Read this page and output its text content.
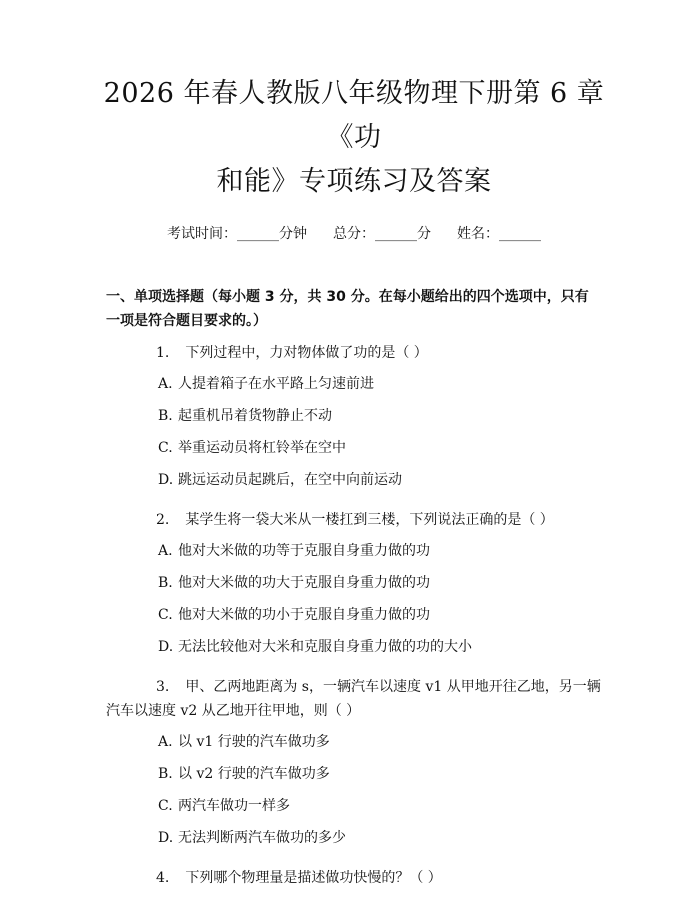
2026 年春人教版八年级物理下册第 6 章《功
和能》专项练习及答案
考试时间：______分钟 总分：______分 姓名：______
一、单项选择题（每小题 3 分，共 30 分。在每小题给出的四个选项中，只有一项是符合题目要求的。）
1. 下列过程中，力对物体做了功的是（ ）
A. 人提着箱子在水平路上匀速前进
B. 起重机吊着货物静止不动
C. 举重运动员将杠铃举在空中
D. 跳远运动员起跳后，在空中向前运动
2. 某学生将一袋大米从一楼扛到三楼，下列说法正确的是（ ）
A. 他对大米做的功等于克服自身重力做的功
B. 他对大米做的功大于克服自身重力做的功
C. 他对大米做的功小于克服自身重力做的功
D. 无法比较他对大米和克服自身重力做的功的大小
3. 甲、乙两地距离为 s，一辆汽车以速度 v1 从甲地开往乙地，另一辆汽车以速度 v2 从乙地开往甲地，则（ ）
A. 以 v1 行驶的汽车做功多
B. 以 v2 行驶的汽车做功多
C. 两汽车做功一样多
D. 无法判断两汽车做功的多少
4. 下列哪个物理量是描述做功快慢的？（ ）
